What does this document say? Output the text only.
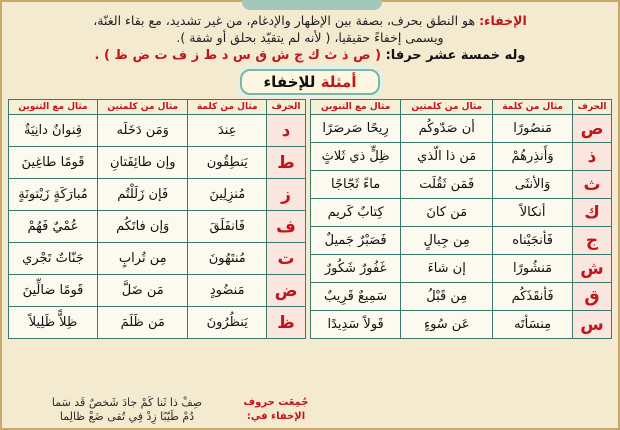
الإخفاء: هو النطق بحرف، بصفة بين الإظهار والإدغام، من غير تشديد، مع بقاء الغنّة،
ويسمى إخفاءً حقيقيا، ( لأنه لم يتقيّد بحلق أو شفة ).
وله خمسة عشر حرفا: ( ص ذ ث ك ج ش ق س د ط ز ف ت ض ظ ) .
أمثلة للإخفاء
الحرف	مثال من كلمة	مثال من كلمتين	مثال مع التنوين
ص	مَنصُورًا	أن صَدّوكُم	رِيحًا صَرصَرًا
ذ	وَأَنذِرهُمْ	مَن ذا الّذي	ظِلٍّ ذي ثَلاثٍ
ث	وَالأنثَى	فَمَن ثَقُلَت	ماءً ثَجّاجًا
ك	أنكالاً	مَن كانَ	كِتابٌ كَريم
ج	فَأنجَيْناه	مِن جِبالٍ	فَصَبْرٌ جَميلٌ
ش	مَنشُورًا	إن شاءَ	غَفُورٌ شَكُورٌ
ق	فَأنقَذَكُم	مِن قَبْلُ	سَمِيعٌ قَرِيبٌ
س	مِنسَأتَه	عَن سُوءٍ	قَولاً سَدِيدًا
الحرف	مثال من كلمة	مثال من كلمتين	مثال مع التنوين
د	عِندَ	وَمَن دَخَلَه	قِنوانٌ دانِيَةٌ
ط	يَنطِقُون	وإن طائِفَتانِ	قَومًا طاغِينَ
ز	مُنزِلِينَ	فَإن زَلَلْتُم	مُبارَكَةٍ زَيْتونَةٍ
ف	فَانفَلَقَ	وَإن فاتَكُم	عُمْيٌ فَهُمْ
ت	مُنتَهُونَ	مِن تُرابٍ	جَنّاتٌ تَجْري
ض	مَنضُودٍ	مَن ضَلَّ	قَومًا ضالِّينَ
ظ	يَنظُرُونَ	مَن ظَلَمَ	ظِلاًّ ظَلِيلاً
جُمِعَت حروف الإخفاء في:
صِفْ ذا ثَنا كَمْ جادَ شَخصٌ قَد سَما
دُمْ طَيّبًا زِدْ فِي تُقى ضَعْ ظالِما
